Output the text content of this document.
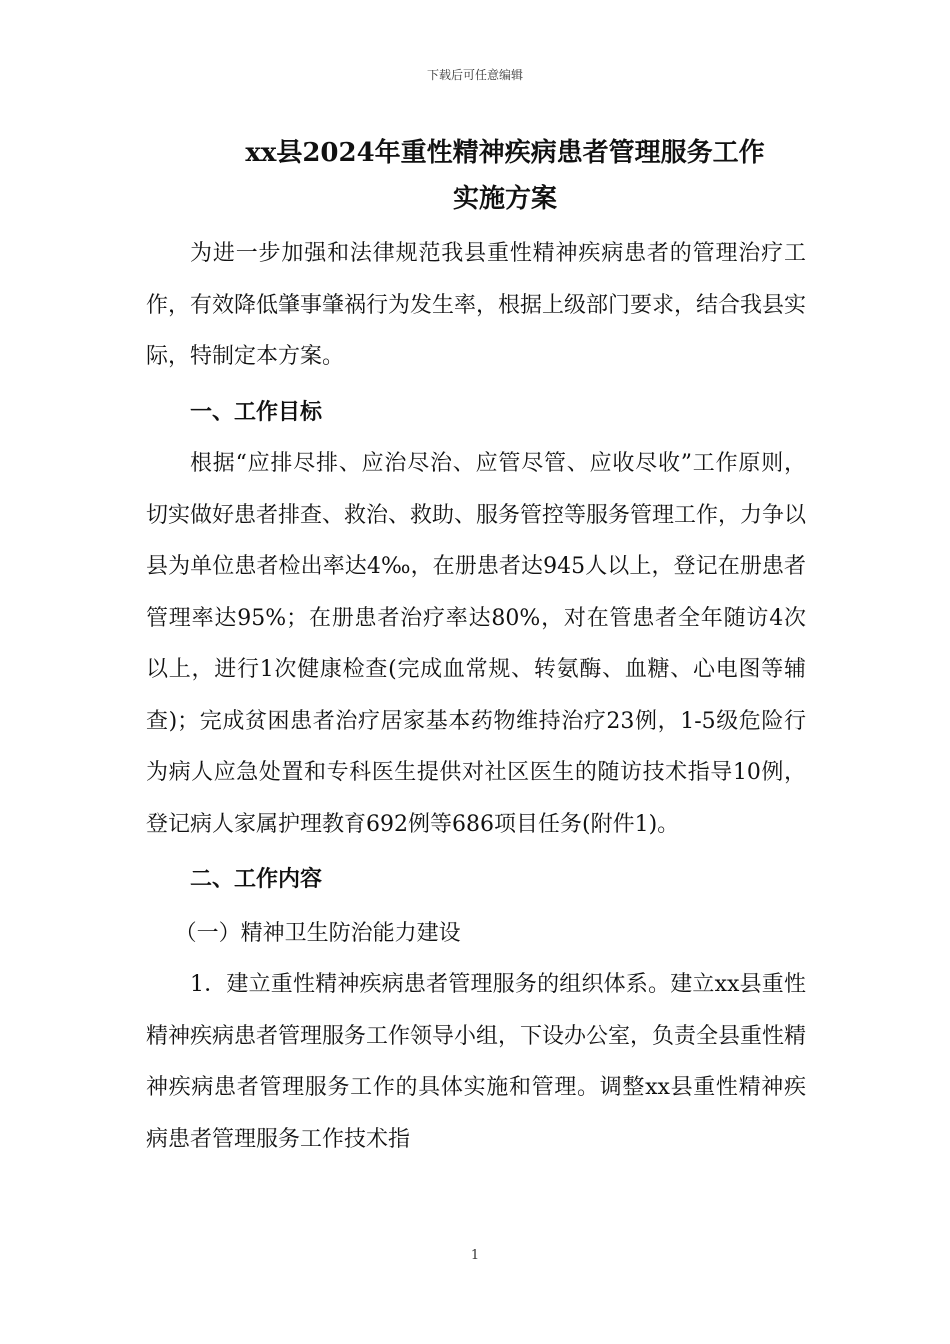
下载后可任意编辑
xx县2024年重性精神疾病患者管理服务工作
实施方案

为进一步加强和法律规范我县重性精神疾病患者的管理治疗工作，有效降低肇事肇祸行为发生率，根据上级部门要求，结合我县实际，特制定本方案。

一、工作目标

根据“应排尽排、应治尽治、应管尽管、应收尽收”工作原则，切实做好患者排查、救治、救助、服务管控等服务管理工作，力争以县为单位患者检出率达4‰，在册患者达945人以上，登记在册患者管理率达95%；在册患者治疗率达80%，对在管患者全年随访4次以上，进行1次健康检查(完成血常规、转氨酶、血糖、心电图等辅查)；完成贫困患者治疗居家基本药物维持治疗23例，1-5级危险行为病人应急处置和专科医生提供对社区医生的随访技术指导10例，登记病人家属护理教育692例等686项目任务(附件1)。

二、工作内容

（一）精神卫生防治能力建设

1．建立重性精神疾病患者管理服务的组织体系。建立xx县重性精神疾病患者管理服务工作领导小组，下设办公室，负责全县重性精神疾病患者管理服务工作的具体实施和管理。调整xx县重性精神疾病患者管理服务工作技术指

1
